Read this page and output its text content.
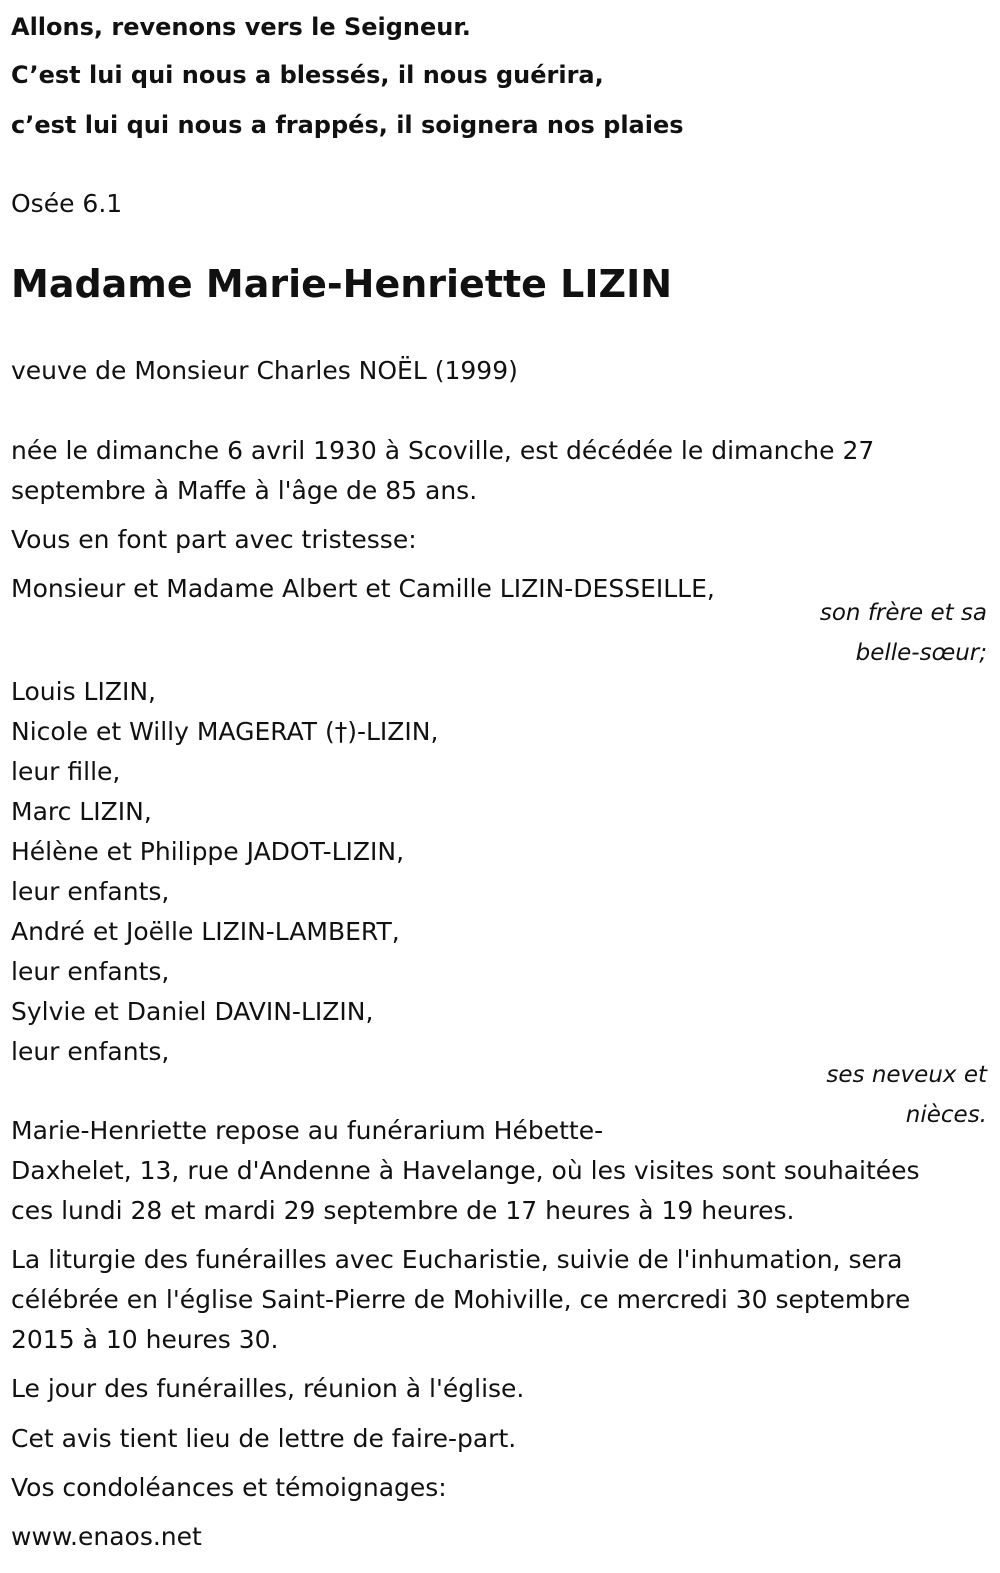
Allons, revenons vers le Seigneur.
C’est lui qui nous a blessés, il nous guérira,
c’est lui qui nous a frappés, il soignera nos plaies
Osée 6.1
Madame Marie-Henriette LIZIN
veuve de Monsieur Charles NOËL (1999)
née le dimanche 6 avril 1930 à Scoville, est décédée le dimanche 27
septembre à Maffe à l'âge de 85 ans.
Vous en font part avec tristesse:
Monsieur et Madame Albert et Camille LIZIN-DESSEILLE,
son frère et sa
belle-sœur;
Louis LIZIN,
Nicole et Willy MAGERAT (†)-LIZIN,
leur fille,
Marc LIZIN,
Hélène et Philippe JADOT-LIZIN,
leur enfants,
André et Joëlle LIZIN-LAMBERT,
leur enfants,
Sylvie et Daniel DAVIN-LIZIN,
leur enfants,
ses neveux et
nièces.
Marie-Henriette repose au funérarium Hébette-
Daxhelet, 13, rue d'Andenne à Havelange, où les visites sont souhaitées
ces lundi 28 et mardi 29 septembre de 17 heures à 19 heures.
La liturgie des funérailles avec Eucharistie, suivie de l'inhumation, sera
célébrée en l'église Saint-Pierre de Mohiville, ce mercredi 30 septembre
2015 à 10 heures 30.
Le jour des funérailles, réunion à l'église.
Cet avis tient lieu de lettre de faire-part.
Vos condoléances et témoignages:
www.enaos.net
